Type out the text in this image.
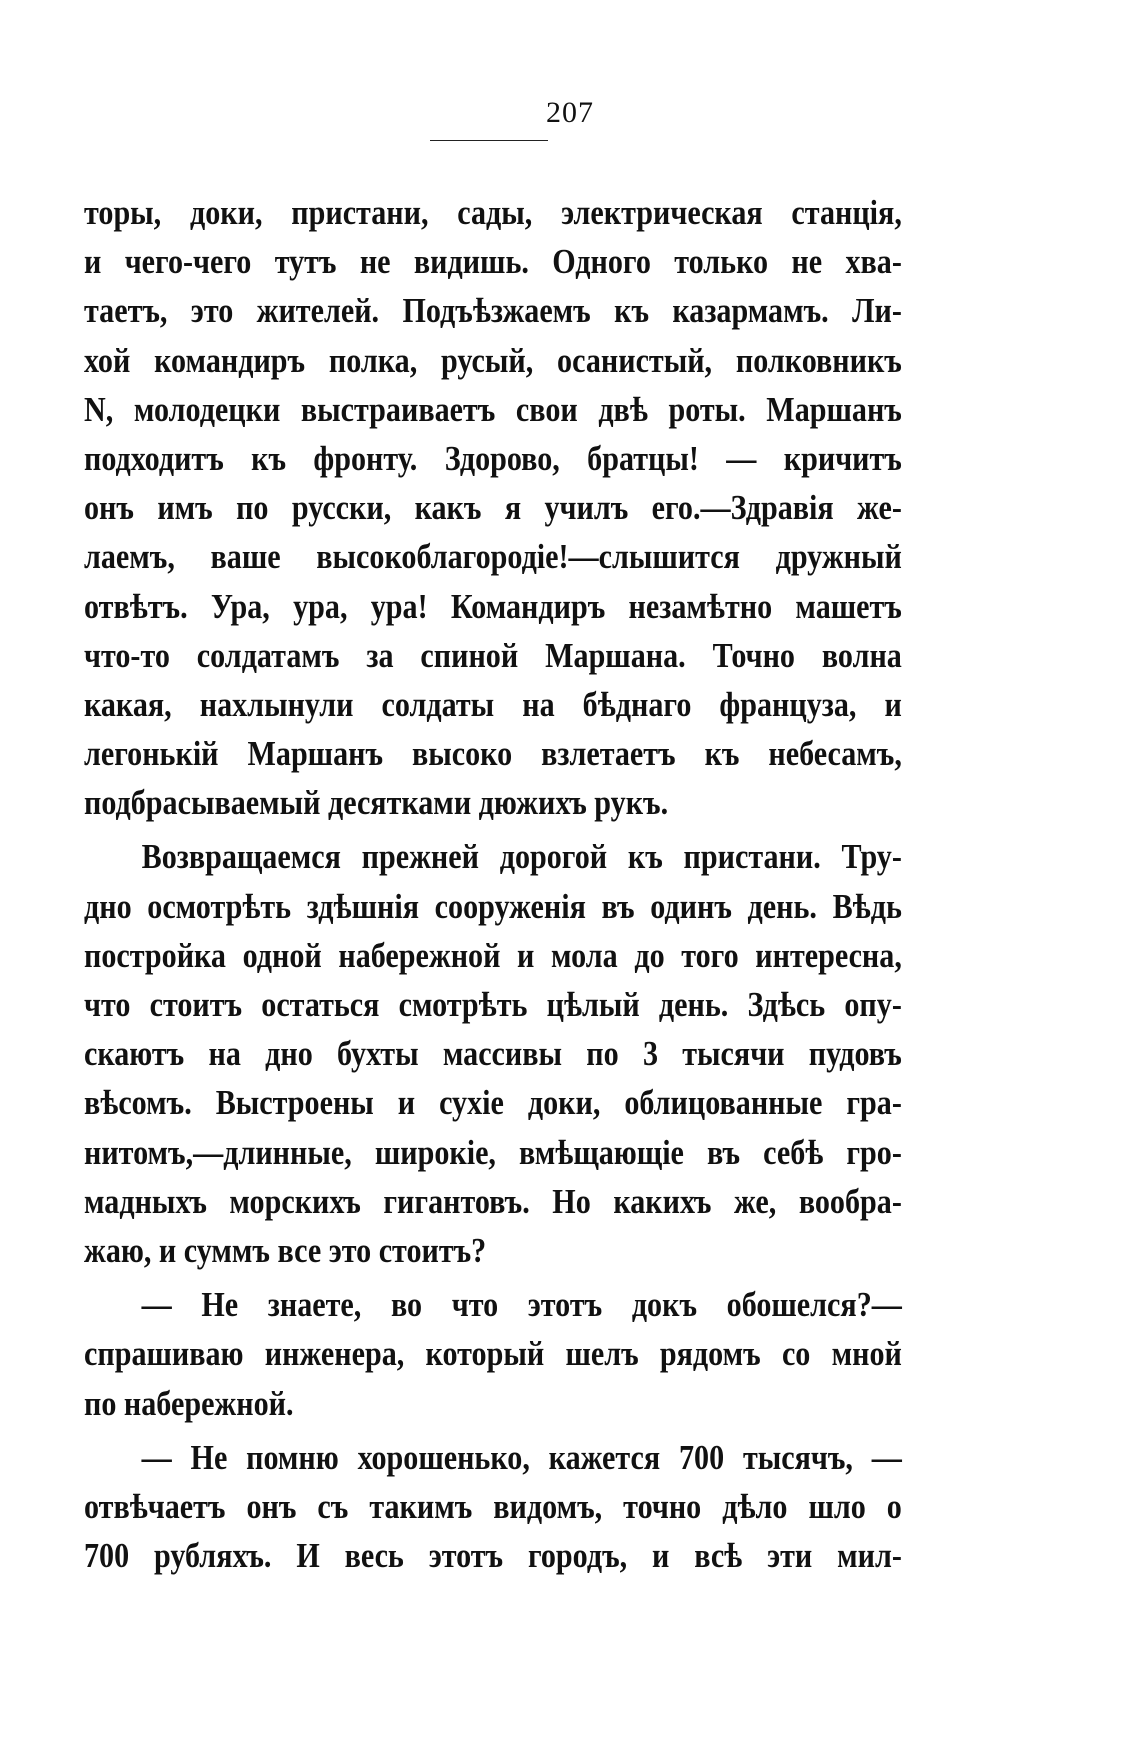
207
торы, доки, пристани, сады, электрическая станція,
и чего-чего тутъ не видишь. Одного только не хва-
таетъ, это жителей. Подъѣзжаемъ къ казармамъ. Ли-
хой командиръ полка, русый, осанистый, полковникъ
N, молодецки выстраиваетъ свои двѣ роты. Маршанъ
подходитъ къ фронту. Здорово, братцы! — кричитъ
онъ имъ по русски, какъ я училъ его.—Здравія же-
лаемъ, ваше высокоблагородіе!—слышится дружный
отвѣтъ. Ура, ура, ура! Командиръ незамѣтно машетъ
что-то солдатамъ за спиной Маршана. Точно волна
какая, нахлынули солдаты на бѣднаго француза, и
легонькій Маршанъ высоко взлетаетъ къ небесамъ,
подбрасываемый десятками дюжихъ рукъ.
Возвращаемся прежней дорогой къ пристани. Тру-
дно осмотрѣть здѣшнія сооруженія въ одинъ день. Вѣдь
постройка одной набережной и мола до того интересна,
что стоитъ остаться смотрѣть цѣлый день. Здѣсь опу-
скаютъ на дно бухты массивы по 3 тысячи пудовъ
вѣсомъ. Выстроены и сухіе доки, облицованные гра-
нитомъ,—длинные, широкіе, вмѣщающіе въ себѣ гро-
мадныхъ морскихъ гигантовъ. Но какихъ же, вообра-
жаю, и суммъ все это стоитъ?
— Не знаете, во что этотъ докъ обошелся?—
спрашиваю инженера, который шелъ рядомъ со мной
по набережной.
— Не помню хорошенько, кажется 700 тысячъ, —
отвѣчаетъ онъ съ такимъ видомъ, точно дѣло шло о
700 рубляхъ. И весь этотъ городъ, и всѣ эти мил-
